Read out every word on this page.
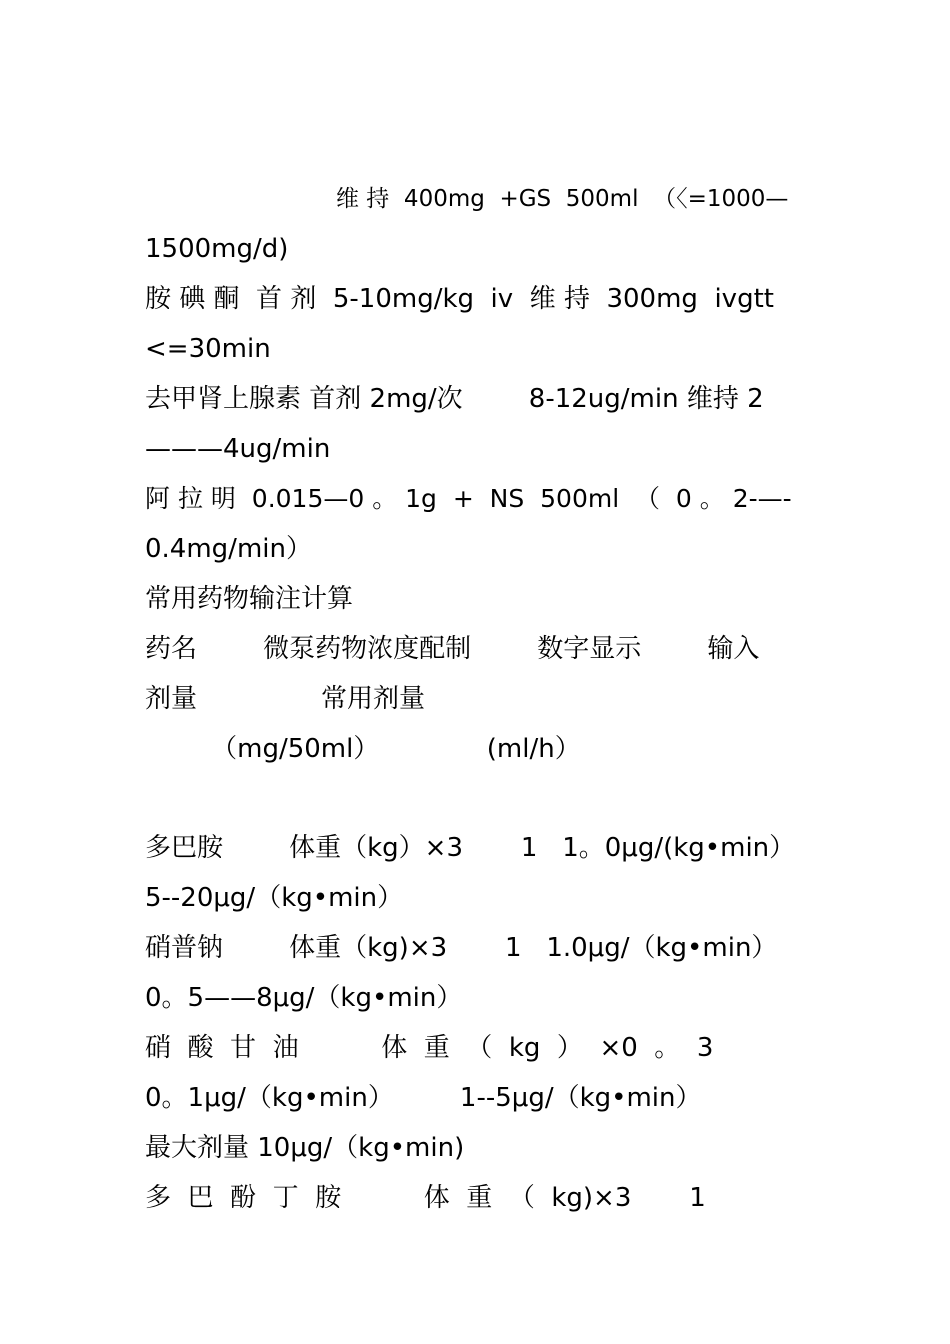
　　　维 持  400mg  +GS  500ml  （〈=1000—
1500mg/d)
胺 碘 酮  首 剂  5-10mg/kg  iv  维 持  300mg  ivgtt
<=30min
去甲肾上腺素 首剂 2mg/次        8-12ug/min 维持 2
———4ug/min
阿 拉 明  0.015—0 。 1g  +  NS  500ml  （  0 。 2-—-
0.4mg/min）
常用药物输注计算
药名        微泵药物浓度配制        数字显示        输入
剂量               常用剂量
（mg/50ml）             (ml/h）
多巴胺        体重（kg）×3       1   1。0μg/(kg•min）
5--20μg/（kg•min）
硝普钠        体重（kg)×3       1   1.0μg/（kg•min）
0。5——8μg/（kg•min）
硝  酸  甘  油          体  重  （  kg  ）  ×0  。  3
0。1μg/（kg•min）        1--5μg/（kg•min）
最大剂量 10μg/（kg•min)
多  巴  酚  丁  胺          体  重  （  kg)×3       1
